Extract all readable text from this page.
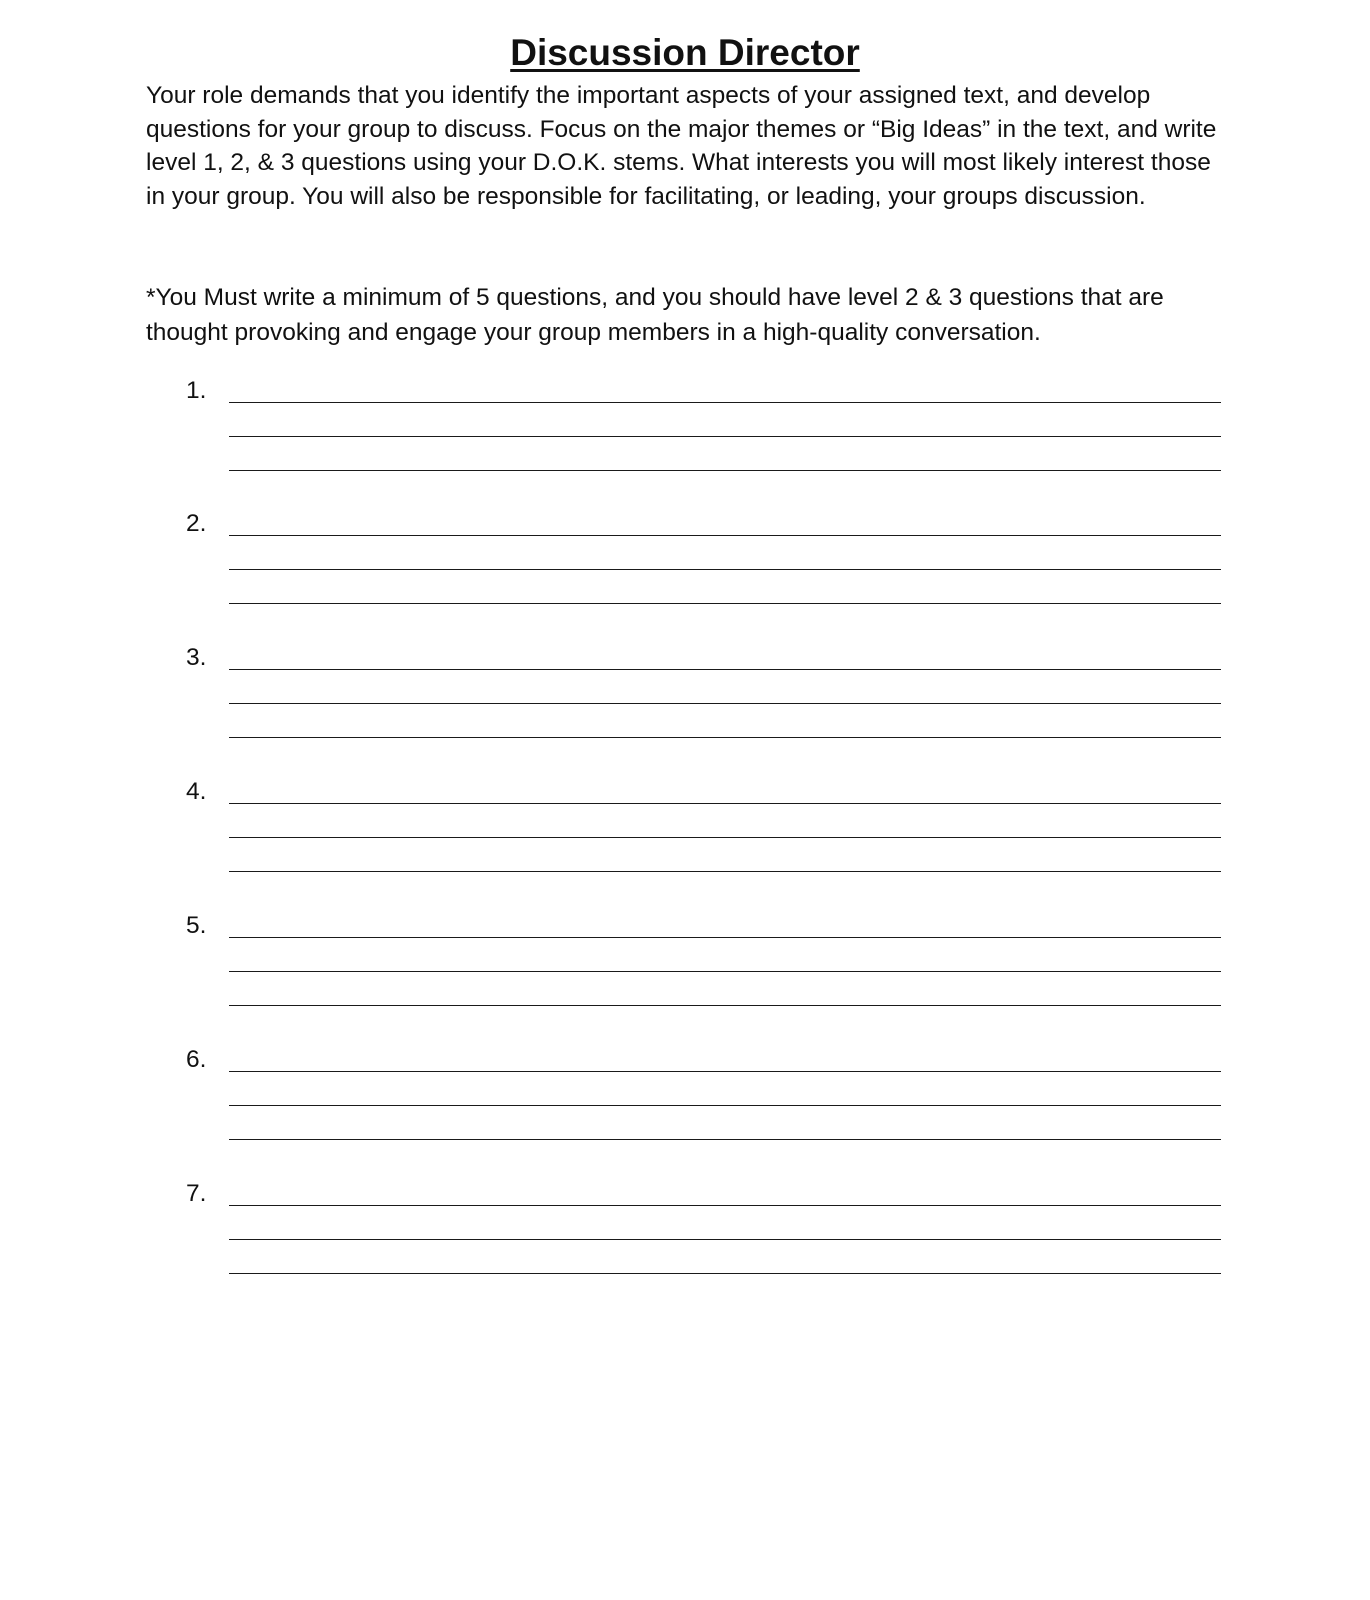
Discussion Director

Your role demands that you identify the important aspects of your assigned text, and develop questions for your group to discuss. Focus on the major themes or “Big Ideas” in the text, and write level 1, 2, & 3 questions using your D.O.K. stems. What interests you will most likely interest those in your group. You will also be responsible for facilitating, or leading, your groups discussion.

*You Must write a minimum of 5 questions, and you should have level 2 & 3 questions that are thought provoking and engage your group members in a high-quality conversation.

1.
2.
3.
4.
5.
6.
7.
